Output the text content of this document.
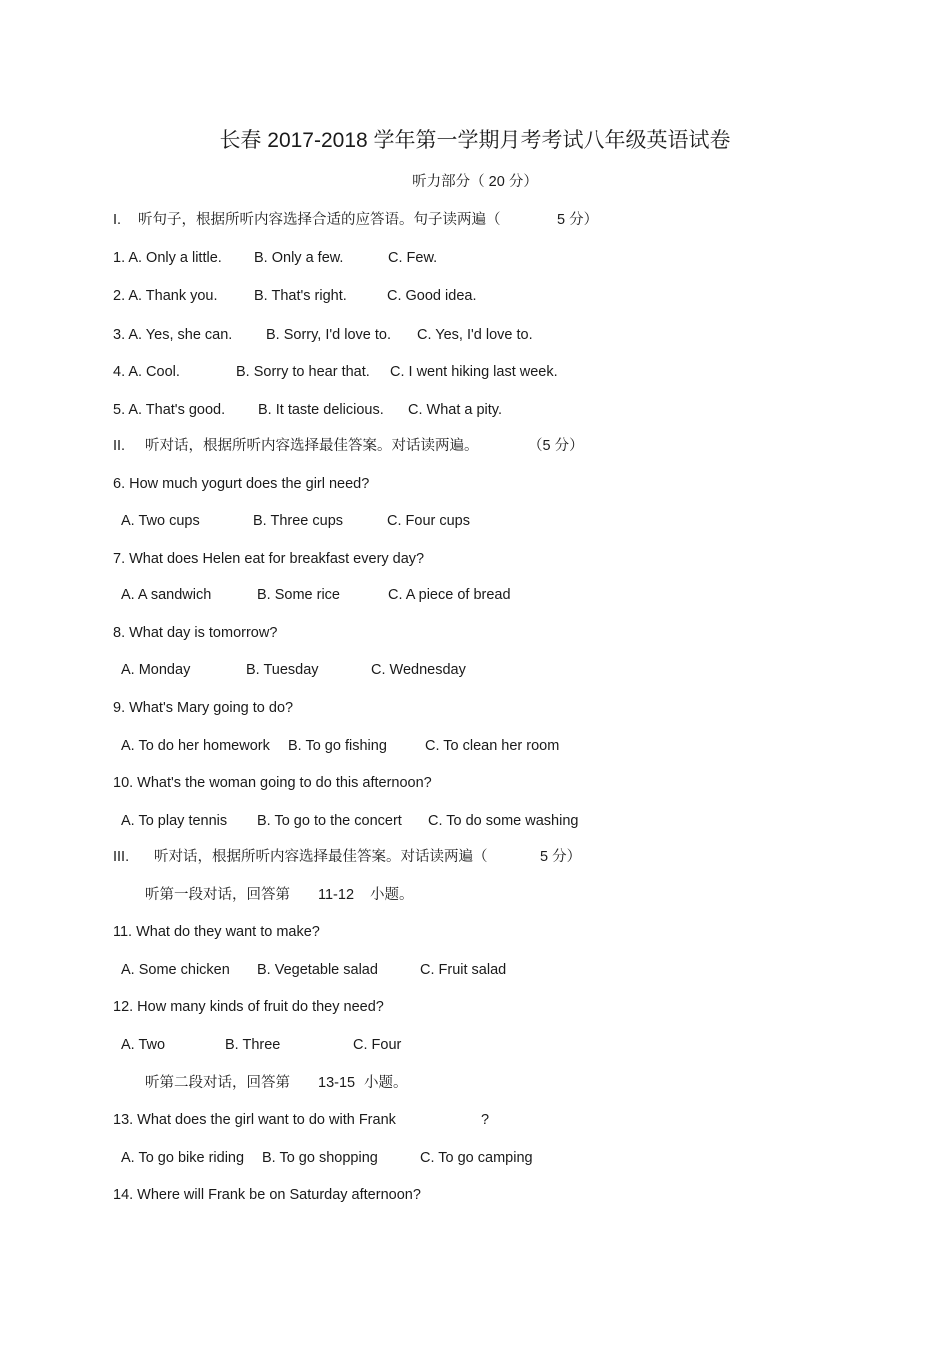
长春 2017-2018 学年第一学期月考考试八年级英语试卷
听力部分（ 20 分）
I. 听句子，根据所听内容选择合适的应答语。句子读两遍（	5 分）
1. A. Only a little. B. Only a few.	C. Few.
2. A. Thank you.	B. That's right.	C. Good idea.
3. A. Yes, she can. B. Sorry, I'd love to. C. Yes, I'd love to.
4. A. Cool.	B. Sorry to hear that. C. I went hiking last week.
5. A. That's good. B. It taste delicious. C. What a pity.
II. 听对话，根据所听内容选择最佳答案。对话读两遍。	（5 分）
6. How much yogurt does the girl need?
A. Two cups	B. Three cups	C. Four cups
7. What does Helen eat for breakfast every day?
A. A sandwich	B. Some rice	C. A piece of bread
8. What day is tomorrow?
A. Monday	B. Tuesday	C. Wednesday
9. What's Mary going to do?
A. To do her homework B. To go fishing	C. To clean her room
10. What's the woman going to do this afternoon?
A. To play tennis B. To go to the concert C. To do some washing
III. 听对话，根据所听内容选择最佳答案。对话读两遍（	5 分）
听第一段对话，回答第 11-12 小题。
11. What do they want to make?
A. Some chicken B. Vegetable salad	C. Fruit salad
12. How many kinds of fruit do they need?
A. Two	B. Three	C. Four
听第二段对话，回答第 13-15 小题。
13. What does the girl want to do with Frank	?
A. To go bike riding B. To go shopping	C. To go camping
14. Where will Frank be on Saturday afternoon?
